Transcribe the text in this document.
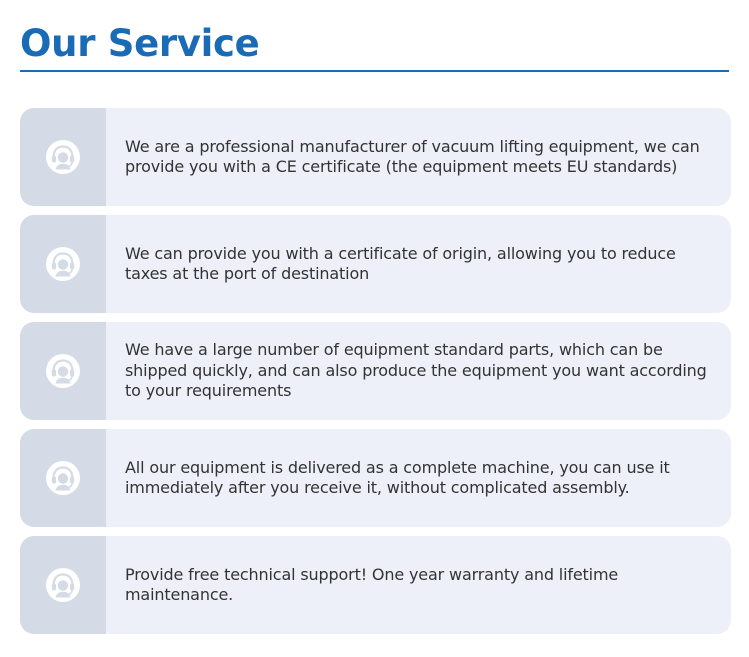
Our Service
We are a professional manufacturer of vacuum lifting equipment, we can provide you with a CE certificate (the equipment meets EU standards)
We can provide you with a certificate of origin, allowing you to reduce taxes at the port of destination
We have a large number of equipment standard parts, which can be shipped quickly, and can also produce the equipment you want according to your requirements
All our equipment is delivered as a complete machine, you can use it immediately after you receive it, without complicated assembly.
Provide free technical support! One year warranty and lifetime maintenance.
